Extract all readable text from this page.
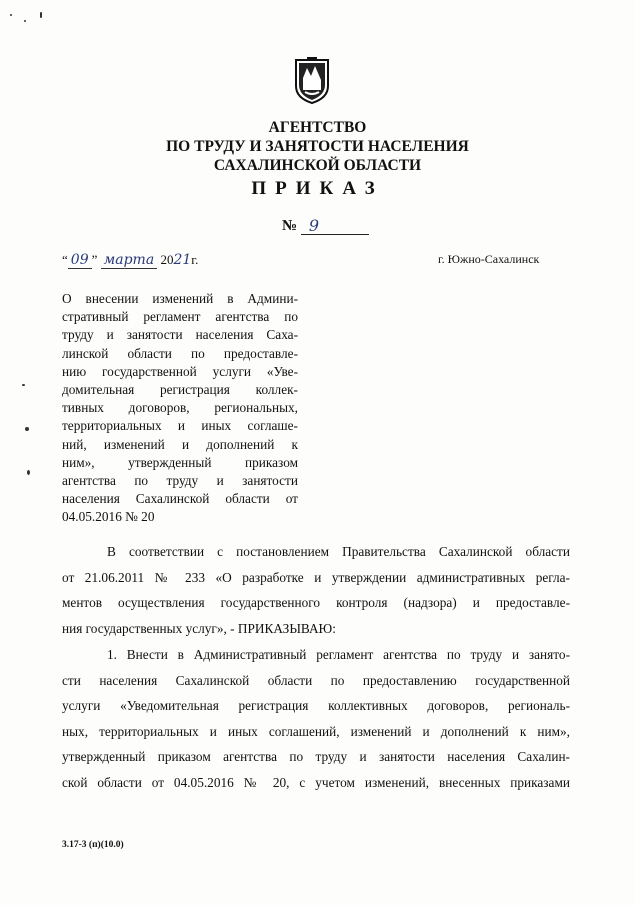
АГЕНТСТВО
ПО ТРУДУ И ЗАНЯТОСТИ НАСЕЛЕНИЯ
САХАЛИНСКОЙ ОБЛАСТИ
ПРИКАЗ
№ 9
“ 09 ” марта 2021г.	г. Южно-Сахалинск
О внесении изменений в Админи-
стративный регламент агентства по
труду и занятости населения Саха-
линской области по предоставле-
нию государственной услуги «Уве-
домительная регистрация коллек-
тивных договоров, региональных,
территориальных и иных соглаше-
ний, изменений и дополнений к
ним», утвержденный приказом
агентства по труду и занятости
населения Сахалинской области от
04.05.2016 № 20
В соответствии с постановлением Правительства Сахалинской области
от 21.06.2011 № 233 «О разработке и утверждении административных регла-
ментов осуществления государственного контроля (надзора) и предоставле-
ния государственных услуг», - ПРИКАЗЫВАЮ:
1. Внести в Административный регламент агентства по труду и занято-
сти населения Сахалинской области по предоставлению государственной
услуги «Уведомительная регистрация коллективных договоров, региональ-
ных, территориальных и иных соглашений, изменений и дополнений к ним»,
утвержденный приказом агентства по труду и занятости населения Сахалин-
ской области от 04.05.2016 № 20, с учетом изменений, внесенных приказами
3.17-3 (п)(10.0)
